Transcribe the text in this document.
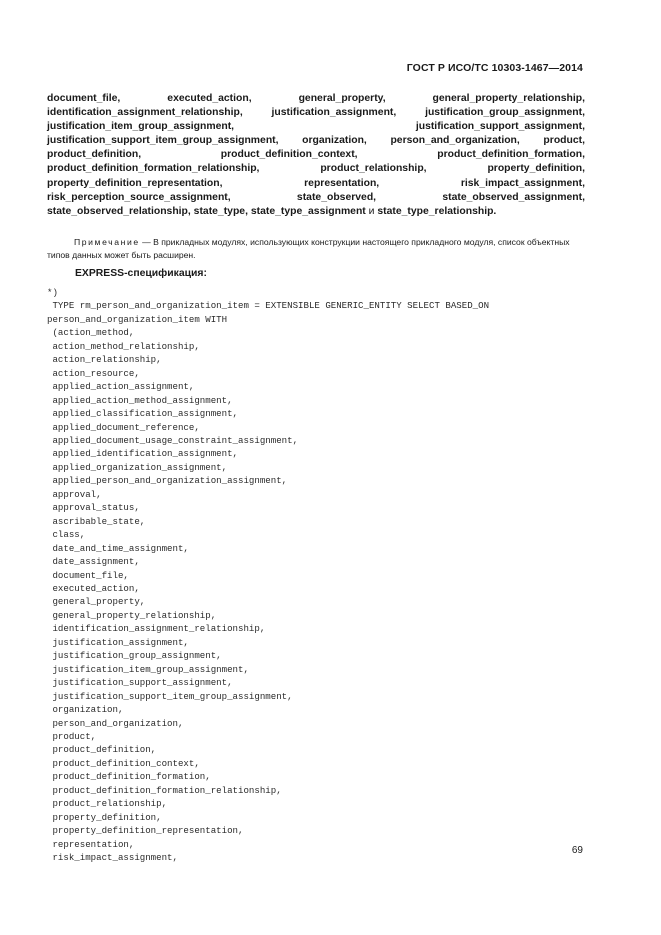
ГОСТ Р ИСО/ТС 10303-1467—2014

document_file, executed_action, general_property, general_property_relationship, identification_assignment_relationship, justification_assignment, justification_group_assignment, justification_item_group_assignment, justification_support_assignment, justification_support_item_group_assignment, organization, person_and_organization, product, product_definition, product_definition_context, product_definition_formation, product_definition_formation_relationship, product_relationship, property_definition, property_definition_representation, representation, risk_impact_assignment, risk_perception_source_assignment, state_observed, state_observed_assignment, state_observed_relationship, state_type, state_type_assignment и state_type_relationship.

Примечание — В прикладных модулях, использующих конструкции настоящего прикладного модуля, список объектных типов данных может быть расширен.

EXPRESS-спецификация:

*)
TYPE rm_person_and_organization_item = EXTENSIBLE GENERIC_ENTITY SELECT BASED_ON
person_and_organization_item WITH
(action_method,
action_method_relationship,
action_relationship,
action_resource,
applied_action_assignment,
applied_action_method_assignment,
applied_classification_assignment,
applied_document_reference,
applied_document_usage_constraint_assignment,
applied_identification_assignment,
applied_organization_assignment,
applied_person_and_organization_assignment,
approval,
approval_status,
ascribable_state,
class,
date_and_time_assignment,
date_assignment,
document_file,
executed_action,
general_property,
general_property_relationship,
identification_assignment_relationship,
justification_assignment,
justification_group_assignment,
justification_item_group_assignment,
justification_support_assignment,
justification_support_item_group_assignment,
organization,
person_and_organization,
product,
product_definition,
product_definition_context,
product_definition_formation,
product_definition_formation_relationship,
product_relationship,
property_definition,
property_definition_representation,
representation,
risk_impact_assignment,
69
